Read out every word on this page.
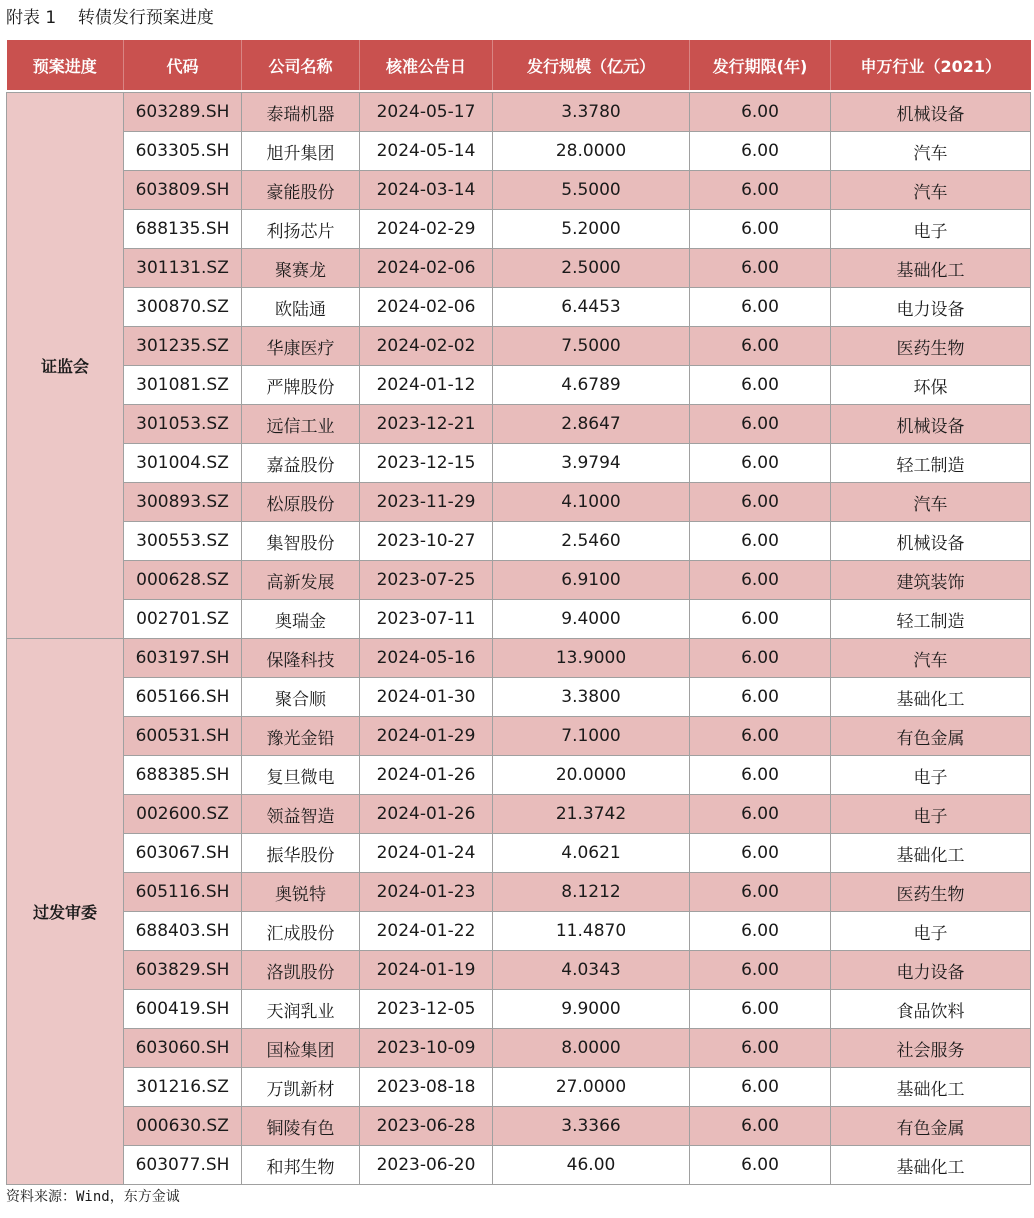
附表 1    转债发行预案进度
预案进度	代码	公司名称	核准公告日	发行规模（亿元）	发行期限(年)	申万行业（2021）

证监会	603289.SH	泰瑞机器	2024-05-17	3.3780	6.00	机械设备
	603305.SH	旭升集团	2024-05-14	28.0000	6.00	汽车
	603809.SH	豪能股份	2024-03-14	5.5000	6.00	汽车
	688135.SH	利扬芯片	2024-02-29	5.2000	6.00	电子
	301131.SZ	聚赛龙	2024-02-06	2.5000	6.00	基础化工
	300870.SZ	欧陆通	2024-02-06	6.4453	6.00	电力设备
	301235.SZ	华康医疗	2024-02-02	7.5000	6.00	医药生物
	301081.SZ	严牌股份	2024-01-12	4.6789	6.00	环保
	301053.SZ	远信工业	2023-12-21	2.8647	6.00	机械设备
	301004.SZ	嘉益股份	2023-12-15	3.9794	6.00	轻工制造
	300893.SZ	松原股份	2023-11-29	4.1000	6.00	汽车
	300553.SZ	集智股份	2023-10-27	2.5460	6.00	机械设备
	000628.SZ	高新发展	2023-07-25	6.9100	6.00	建筑装饰
	002701.SZ	奥瑞金	2023-07-11	9.4000	6.00	轻工制造
过发审委	603197.SH	保隆科技	2024-05-16	13.9000	6.00	汽车
	605166.SH	聚合顺	2024-01-30	3.3800	6.00	基础化工
	600531.SH	豫光金铅	2024-01-29	7.1000	6.00	有色金属
	688385.SH	复旦微电	2024-01-26	20.0000	6.00	电子
	002600.SZ	领益智造	2024-01-26	21.3742	6.00	电子
	603067.SH	振华股份	2024-01-24	4.0621	6.00	基础化工
	605116.SH	奥锐特	2024-01-23	8.1212	6.00	医药生物
	688403.SH	汇成股份	2024-01-22	11.4870	6.00	电子
	603829.SH	洛凯股份	2024-01-19	4.0343	6.00	电力设备
	600419.SH	天润乳业	2023-12-05	9.9000	6.00	食品饮料
	603060.SH	国检集团	2023-10-09	8.0000	6.00	社会服务
	301216.SZ	万凯新材	2023-08-18	27.0000	6.00	基础化工
	000630.SZ	铜陵有色	2023-06-28	3.3366	6.00	有色金属
	603077.SH	和邦生物	2023-06-20	46.00	6.00	基础化工
资料来源：Wind，东方金诚
